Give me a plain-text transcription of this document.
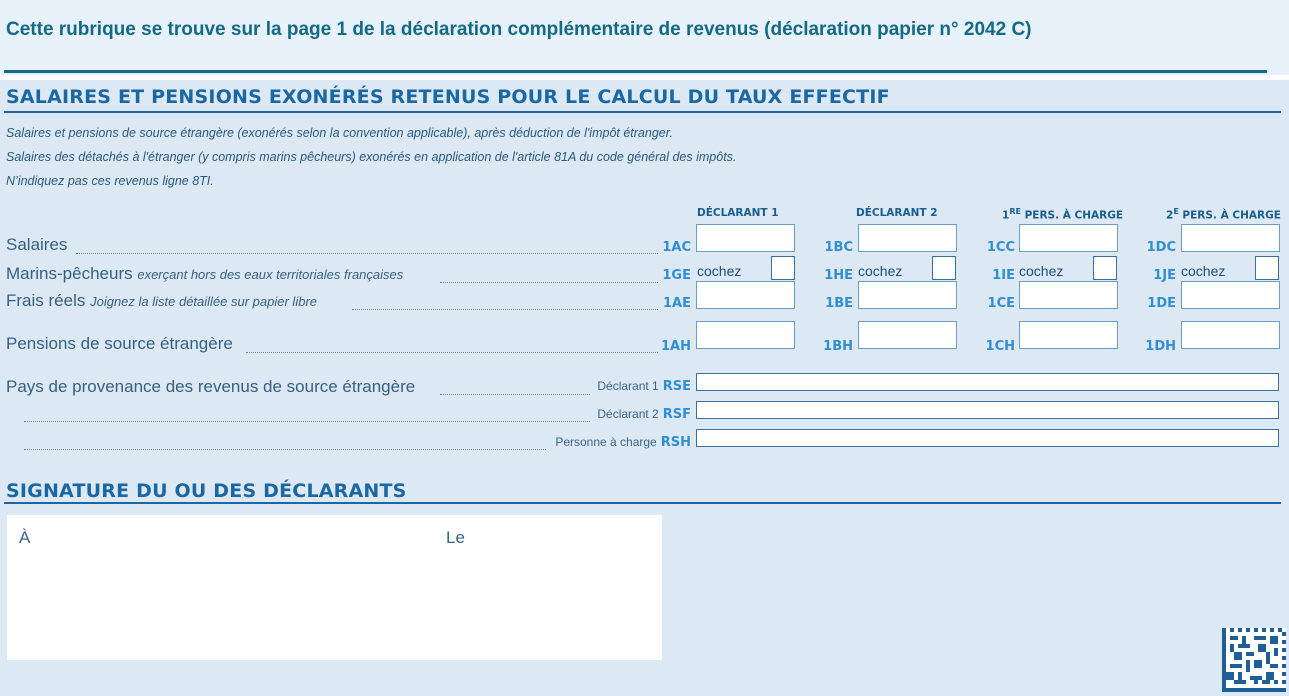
Cette rubrique se trouve sur la page 1 de la déclaration complémentaire de revenus (déclaration papier n° 2042 C)

SALAIRES ET PENSIONS EXONÉRÉS RETENUS POUR LE CALCUL DU TAUX EFFECTIF
Salaires et pensions de source étrangère (exonérés selon la convention applicable), après déduction de l'impôt étranger.
Salaires des détachés à l'étranger (y compris marins pêcheurs) exonérés en application de l'article 81A du code général des impôts.
N’indiquez pas ces revenus ligne 8TI.
DÉCLARANT 1	DÉCLARANT 2	1RE PERS. À CHARGE	$2^E$ PERS. À CHARGE
Salaires	1AC	1BC	1CC	1DC
Marins-pêcheurs exerçant hors des eaux territoriales françaises	1GE cochez	1HE cochez	1IE cochez	1JE cochez
Frais réels Joignez la liste détaillée sur papier libre	1AE	1BE	1CE	1DE
Pensions de source étrangère	1AH	1BH	1CH	1DH
Pays de provenance des revenus de source étrangère	Déclarant 1 RSE
Déclarant 2 RSF
Personne à charge RSH
SIGNATURE DU OU DES DÉCLARANTS
À	Le
